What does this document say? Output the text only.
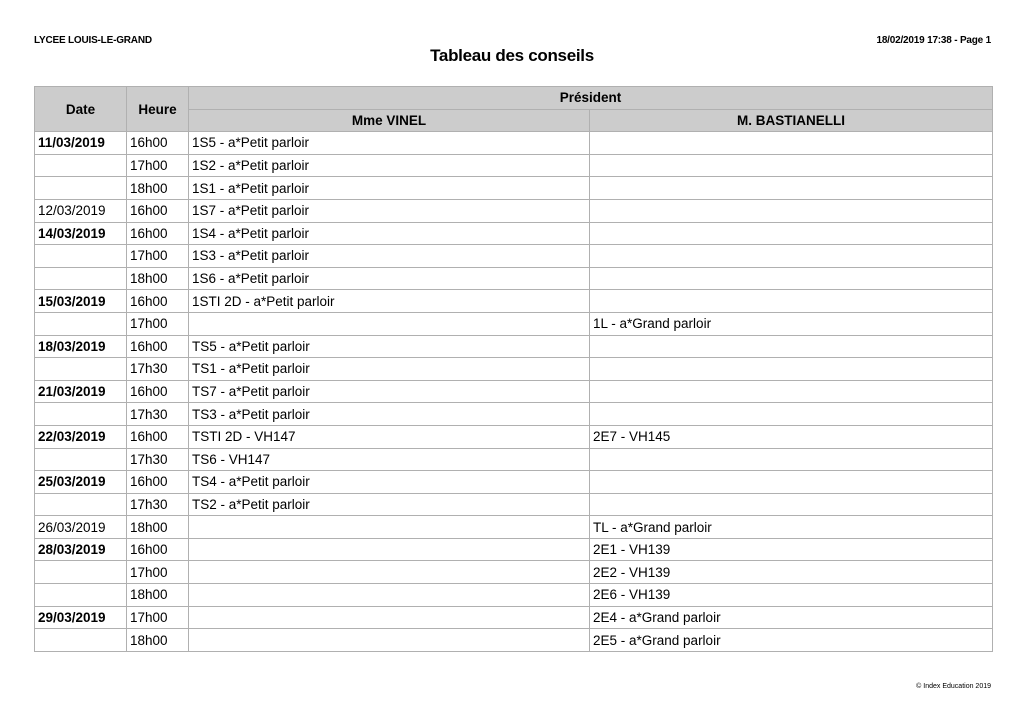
LYCEE LOUIS-LE-GRAND	18/02/2019 17:38 - Page 1
Tableau des conseils
Date	Heure	Président	
		Mme VINEL	M. BASTIANELLI
11/03/2019	16h00	1S5 - a*Petit parloir	
	17h00	1S2 - a*Petit parloir	
	18h00	1S1 - a*Petit parloir	
12/03/2019	16h00	1S7 - a*Petit parloir	
14/03/2019	16h00	1S4 - a*Petit parloir	
	17h00	1S3 - a*Petit parloir	
	18h00	1S6 - a*Petit parloir	
15/03/2019	16h00	1STI 2D - a*Petit parloir	
	17h00		1L - a*Grand parloir
18/03/2019	16h00	TS5 - a*Petit parloir	
	17h30	TS1 - a*Petit parloir	
21/03/2019	16h00	TS7 - a*Petit parloir	
	17h30	TS3 - a*Petit parloir	
22/03/2019	16h00	TSTI 2D - VH147	2E7 - VH145
	17h30	TS6 - VH147	
25/03/2019	16h00	TS4 - a*Petit parloir	
	17h30	TS2 - a*Petit parloir	
26/03/2019	18h00		TL - a*Grand parloir
28/03/2019	16h00		2E1 - VH139
	17h00		2E2 - VH139
	18h00		2E6 - VH139
29/03/2019	17h00		2E4 - a*Grand parloir
	18h00		2E5 - a*Grand parloir
© Index Education 2019
